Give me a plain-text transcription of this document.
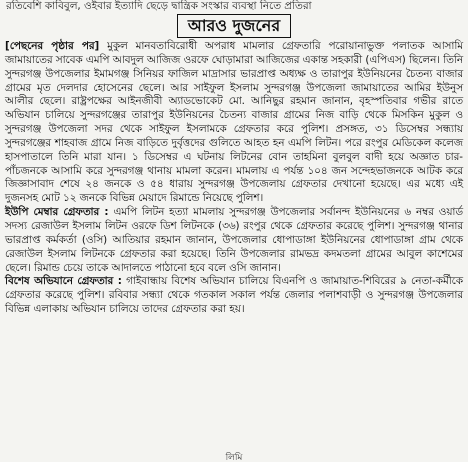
রতিবেশি কাবিবুল, ওইবার ইত্যাদি ছেড়ে দ্বান্ত্রিক সংস্কার ব্যবস্থা নিতে প্রতিরা
আরও দুজনের

[পেছনের পৃষ্ঠার পর] মুকুল মানবতাবিরোধী অপরাধ মামলার গ্রেফতারি পরোয়ানাভুক্ত পলাতক আসামি জামায়াতের সাবেক এমপি আবদুল আজিজ ওরফে ঘোড়ামারা আজিজের একান্ত সহকারী (এপিএস) ছিলেন। তিনি সুন্দরগঞ্জ উপজেলার ইমামগঞ্জ সিনিয়র ফাজিল মাদ্রাসার ভারপ্রাপ্ত অধ্যক্ষ ও তারাপুর ইউনিয়নের চৈতন্য বাজার গ্রামের মৃত দেলদার হোসেনের ছেলে। আর সাইফুল ইসলাম সুন্দরগঞ্জ উপজেলা জামায়াতের আমির ইউনুস আলীর ছেলে। রাষ্ট্রপক্ষের আইনজীবী অ্যাডভোকেট মো. আনিছুর রহমান জানান, বৃহস্পতিবার গভীর রাতে অভিযান চালিয়ে সুন্দরগঞ্জের তারাপুর ইউনিয়নের চৈতন্য বাজার গ্রামের নিজ বাড়ি থেকে মিসকিন মুকুল ও সুন্দরগঞ্জ উপজেলা সদর থেকে সাইফুল ইসলামকে গ্রেফতার করে পুলিশ। প্রসঙ্গত, ৩১ ডিসেম্বর সন্ধ্যায় সুন্দরগঞ্জের শাহবাজ গ্রামে নিজ বাড়িতে দুর্বৃত্তদের গুলিতে আহত হন এমপি লিটন। পরে রংপুর মেডিকেল কলেজ হাসপাতালে তিনি মারা যান। ১ ডিসেম্বর এ ঘটনায় লিটনের বোন তাহমিনা বুলবুল বাদী হয়ে অজ্ঞাত চার-পাঁচজনকে আসামি করে সুন্দরগঞ্জ থানায় মামলা করেন। মামলায় এ পর্যন্ত ১০৪ জন সন্দেহভাজনকে আটক করে জিজ্ঞাসাবাদ শেষে ২৪ জনকে ও ৫৪ ধারায় সুন্দরগঞ্জ উপজেলায় গ্রেফতার দেখানো হয়েছে। এর মধ্যে এই দুজনসহ মোট ১২ জনকে বিভিন্ন মেয়াদে রিমান্ডে নিয়েছে পুলিশ।

ইউপি মেম্বার গ্রেফতার : এমপি লিটন হত্যা মামলায় সুন্দরগঞ্জ উপজেলার সর্বানন্দ ইউনিয়নের ৬ নম্বর ওয়ার্ড সদস্য রেজাউল ইসলাম লিটন ওরফে ডিশ লিটনকে (৩৬) রংপুর থেকে গ্রেফতার করেছে পুলিশ। সুন্দরগঞ্জ থানার ভারপ্রাপ্ত কর্মকর্তা (ওসি) আতিয়ার রহমান জানান, উপজেলার ধোপাডাঙ্গা ইউনিয়নের ধোপাডাঙ্গা গ্রাম থেকে রেজাউল ইসলাম লিটনকে গ্রেফতার করা হয়েছে। তিনি উপজেলার রামভদ্র কদমতলা গ্রামের আবুল কাশেমের ছেলে। রিমান্ড চেয়ে তাকে আদালতে পাঠানো হবে বলে ওসি জানান।

বিশেষ অভিযানে গ্রেফতার : গাইবান্ধায় বিশেষ অভিযান চালিয়ে বিএনপি ও জামায়াত-শিবিরের ৯ নেতা-কর্মীকে গ্রেফতার করেছে পুলিশ। রবিবার সন্ধ্যা থেকে গতকাল সকাল পর্যন্ত জেলার পলাশবাড়ী ও সুন্দরগঞ্জ উপজেলার বিভিন্ন এলাকায় অভিযান চালিয়ে তাদের গ্রেফতার করা হয়।

লিমি
